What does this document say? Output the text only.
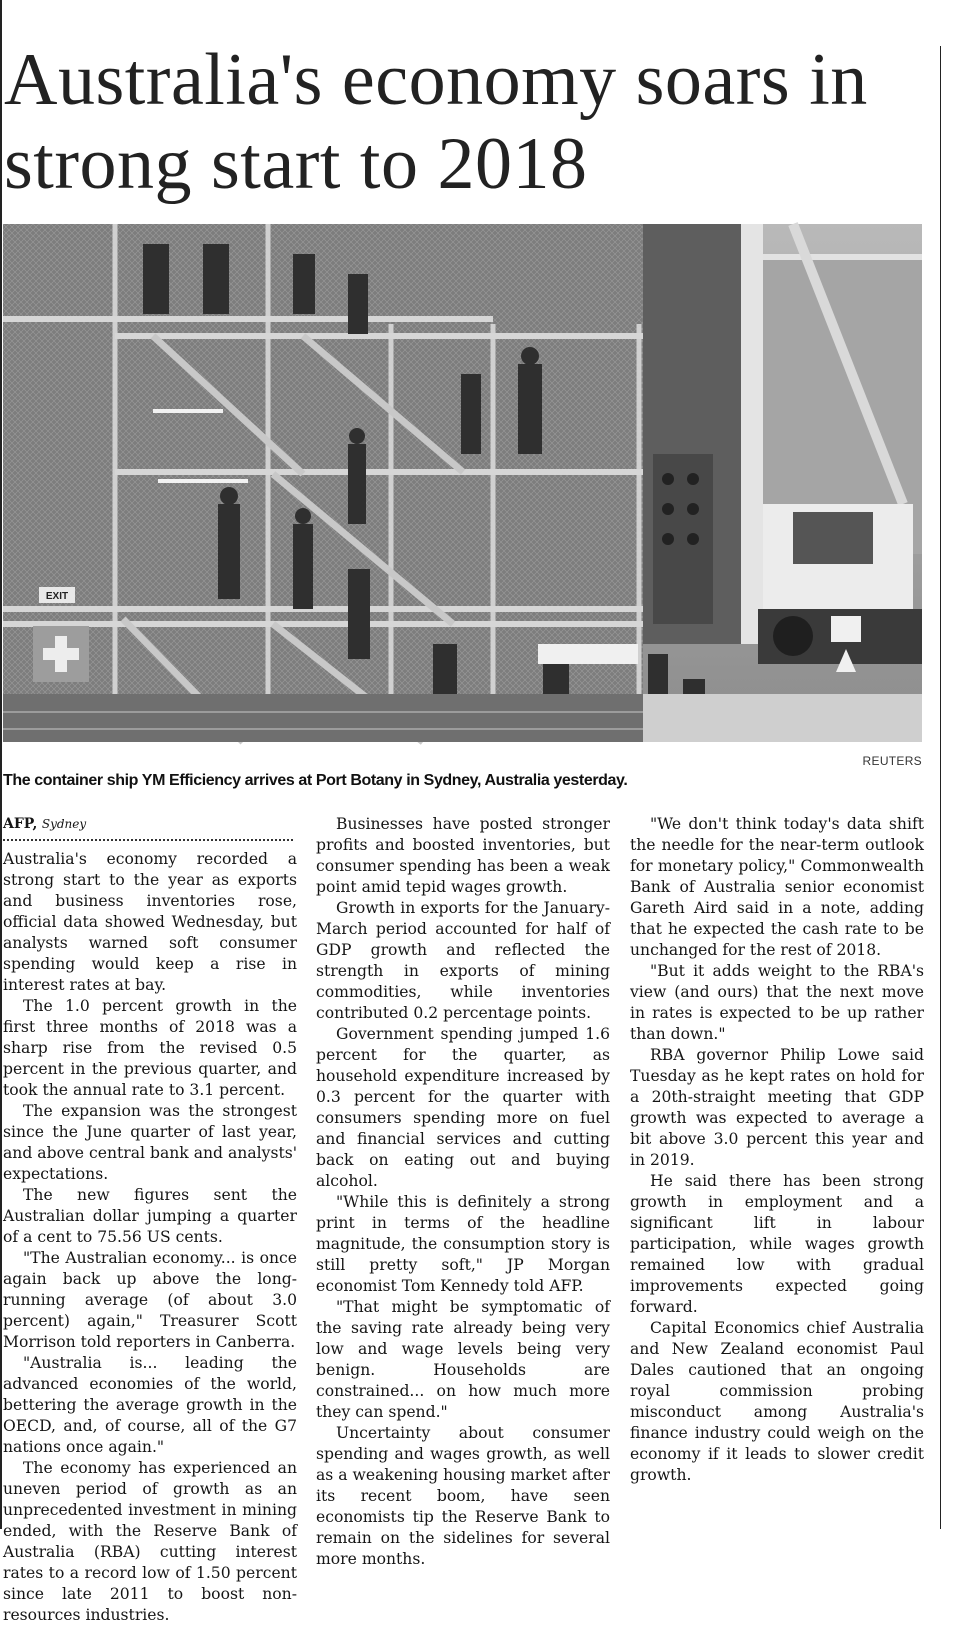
Australia's economy soars in strong start to 2018
EXIT
REUTERS

The container ship YM Efficiency arrives at Port Botany in Sydney, Australia yesterday.

AFP, Sydney

Australia's economy recorded a strong start to the year as exports and business inventories rose, official data showed Wednesday, but analysts warned soft consumer spending would keep a rise in interest rates at bay.

The 1.0 percent growth in the first three months of 2018 was a sharp rise from the revised 0.5 percent in the previous quarter, and took the annual rate to 3.1 percent.

The expansion was the strongest since the June quarter of last year, and above central bank and analysts' expectations.

The new figures sent the Australian dollar jumping a quarter of a cent to 75.56 US cents.

"The Australian economy... is once again back up above the long-running average (of about 3.0 percent) again," Treasurer Scott Morrison told reporters in Canberra.

"Australia is... leading the advanced economies of the world, bettering the average growth in the OECD, and, of course, all of the G7 nations once again."

The economy has experienced an uneven period of growth as an unprecedented investment in mining ended, with the Reserve Bank of Australia (RBA) cutting interest rates to a record low of 1.50 percent since late 2011 to boost non-resources industries.

Businesses have posted stronger profits and boosted inventories, but consumer spending has been a weak point amid tepid wages growth.

Growth in exports for the January-March period accounted for half of GDP growth and reflected the strength in exports of mining commodities, while inventories contributed 0.2 percentage points.

Government spending jumped 1.6 percent for the quarter, as household expenditure increased by 0.3 percent for the quarter with consumers spending more on fuel and financial services and cutting back on eating out and buying alcohol.

"While this is definitely a strong print in terms of the headline magnitude, the consumption story is still pretty soft," JP Morgan economist Tom Kennedy told AFP.

"That might be symptomatic of the saving rate already being very low and wage levels being very benign. Households are constrained... on how much more they can spend."

Uncertainty about consumer spending and wages growth, as well as a weakening housing market after its recent boom, have seen economists tip the Reserve Bank to remain on the sidelines for several more months.

"We don't think today's data shift the needle for the near-term outlook for monetary policy," Commonwealth Bank of Australia senior economist Gareth Aird said in a note, adding that he expected the cash rate to be unchanged for the rest of 2018.

"But it adds weight to the RBA's view (and ours) that the next move in rates is expected to be up rather than down."

RBA governor Philip Lowe said Tuesday as he kept rates on hold for a 20th-straight meeting that GDP growth was expected to average a bit above 3.0 percent this year and in 2019.

He said there has been strong growth in employment and a significant lift in labour participation, while wages growth remained low with gradual improvements expected going forward.

Capital Economics chief Australia and New Zealand economist Paul Dales cautioned that an ongoing royal commission probing misconduct among Australia's finance industry could weigh on the economy if it leads to slower credit growth.
